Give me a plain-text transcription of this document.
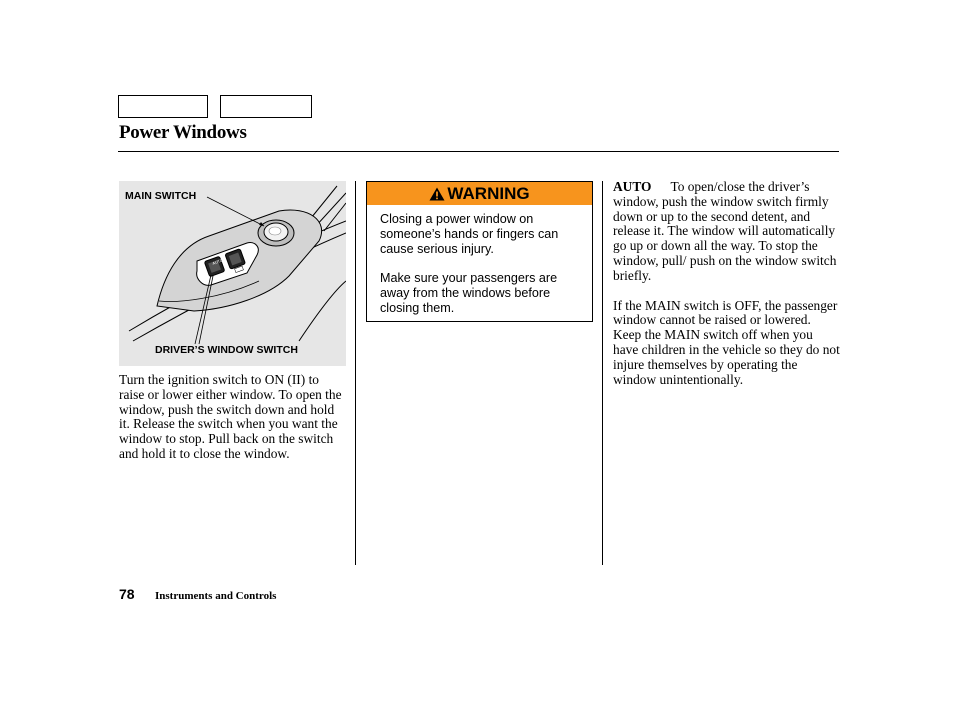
Power Windows
AUTO
MAIN SWITCH
DRIVER’S WINDOW SWITCH
Turn the ignition switch to ON (II) to raise or lower either window. To open the window, push the switch down and hold it. Release the switch when you want the window to stop. Pull back on the switch and hold it to close the window.
WARNING

Closing a power window on someone’s hands or fingers can cause serious injury.

Make sure your passengers are away from the windows before closing them.

AUTO To open/close the driver’s window, push the window switch firmly down or up to the second detent, and release it. The window will automatically go up or down all the way. To stop the window, pull/ push on the window switch briefly.
If the MAIN switch is OFF, the passenger window cannot be raised or lowered. Keep the MAIN switch off when you have children in the vehicle so they do not injure themselves by operating the window unintentionally.
78 Instruments and Controls
